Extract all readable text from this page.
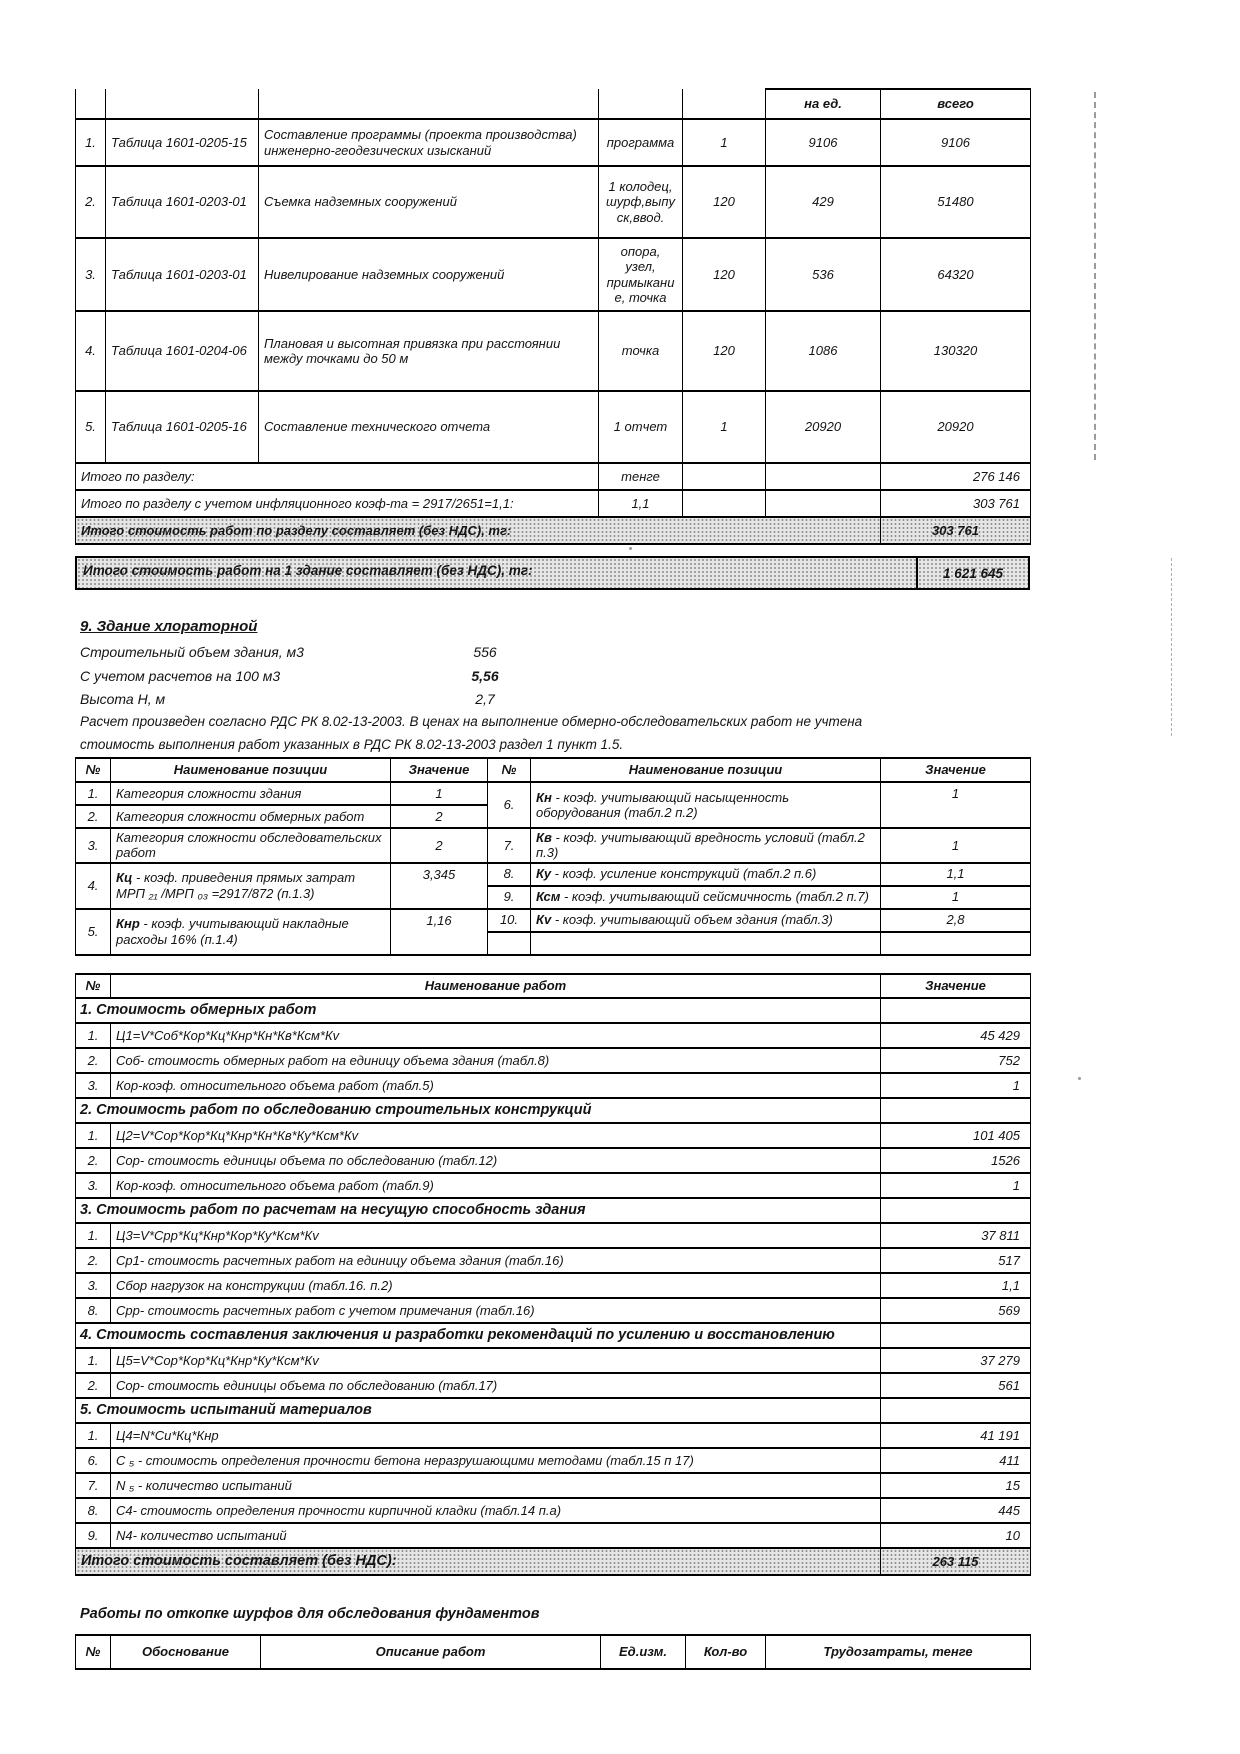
					на ед.	всего
1.	Таблица 1601-0205-15	Составление программы (проекта производства) инженерно-геодезических изысканий	программа	1	9106	9106
2.	Таблица 1601-0203-01	Съемка надземных сооружений	1 колодец, шурф,выпуск,ввод.	120	429	51480
3.	Таблица 1601-0203-01	Нивелирование надземных сооружений	опора, узел, примыкание, точка	120	536	64320
4.	Таблица 1601-0204-06	Плановая и высотная привязка при расстоянии между точками до 50 м	точка	120	1086	130320
5.	Таблица 1601-0205-16	Составление технического отчета	1 отчет	1	20920	20920
Итого по разделу:			тенге			276 146
Итого по разделу с учетом инфляционного коэф-та = 2917/2651=1,1:			1,1			303 761
Итого стоимость работ по разделу составляет (без НДС), тг:						303 761
Итого стоимость работ на 1 здание составляет (без НДС), тг:	1 621 645
9. Здание хлораторной
Строительный объем здания, м3	556
С учетом расчетов на 100 м3	5,56
Высота Н, м	2,7
Расчет произведен согласно РДС РК 8.02-13-2003. В ценах на выполнение обмерно-обследовательских работ не учтена
стоимость выполнения работ указанных в РДС РК 8.02-13-2003 раздел 1 пункт 1.5.
№	Наименование позиции	Значение	№	Наименование позиции	Значение
1.	Категория сложности здания	1	6.	Кн - коэф. учитывающий насыщенность оборудования (табл.2 п.2)	1
2.	Категория сложности обмерных работ	2			
3.	Категория сложности обследовательских работ	2	7.	Кв - коэф. учитывающий вредность условий (табл.2 п.3)	1
4.	Кц - коэф. приведения прямых затрат МРП ₂₁ /МРП ₀₃ =2917/872 (п.1.3)	3,345	8.	Ку - коэф. усиление конструкций (табл.2 п.6)	1,1
			9.	Ксм - коэф. учитывающий сейсмичность (табл.2 п.7)	1
5.	Кнр - коэф. учитывающий накладные расходы 16% (п.1.4)	1,16	10.	Кv - коэф. учитывающий объем здания (табл.3)	2,8

№	Наименование работ	Значение
1. Стоимость обмерных работ		
1.	Ц1=V*Соб*Кор*Кц*Кнр*Кн*Кв*Ксм*Кv	45 429
2.	Соб- стоимость обмерных работ на единицу объема здания (табл.8)	752
3.	Кор-коэф. относительного объема работ (табл.5)	1
2. Стоимость работ по обследованию строительных конструкций		
1.	Ц2=V*Сор*Кор*Кц*Кнр*Кн*Кв*Ку*Ксм*Кv	101 405
2.	Сор- стоимость единицы объема по обследованию (табл.12)	1526
3.	Кор-коэф. относительного объема работ (табл.9)	1
3. Стоимость работ по расчетам на несущую способность здания		
1.	Ц3=V*Срр*Кц*Кнр*Кор*Ку*Ксм*Кv	37 811
2.	Ср1- стоимость расчетных работ на единицу объема здания (табл.16)	517
3.	Сбор нагрузок на конструкции (табл.16. п.2)	1,1
8.	Срр- стоимость расчетных работ с учетом примечания (табл.16)	569
4. Стоимость составления заключения и разработки рекомендаций по усилению и восстановлению		
1.	Ц5=V*Сор*Кор*Кц*Кнр*Ку*Ксм*Кv	37 279
2.	Сор- стоимость единицы объема по обследованию (табл.17)	561
5. Стоимость испытаний материалов		
1.	Ц4=N*Си*Кц*Кнр	41 191
6.	С ₅ - стоимость определения прочности бетона неразрушающими методами (табл.15 п 17)	411
7.	N ₅ - количество испытаний	15
8.	С4- стоимость определения прочности кирпичной кладки (табл.14 п.а)	445
9.	N4- количество испытаний	10
Итого стоимость составляет (без НДС):		263 115
Работы по откопке шурфов для обследования фундаментов
№	Обоснование	Описание работ	Ед.изм.	Кол-во	Трудозатраты, тенге
